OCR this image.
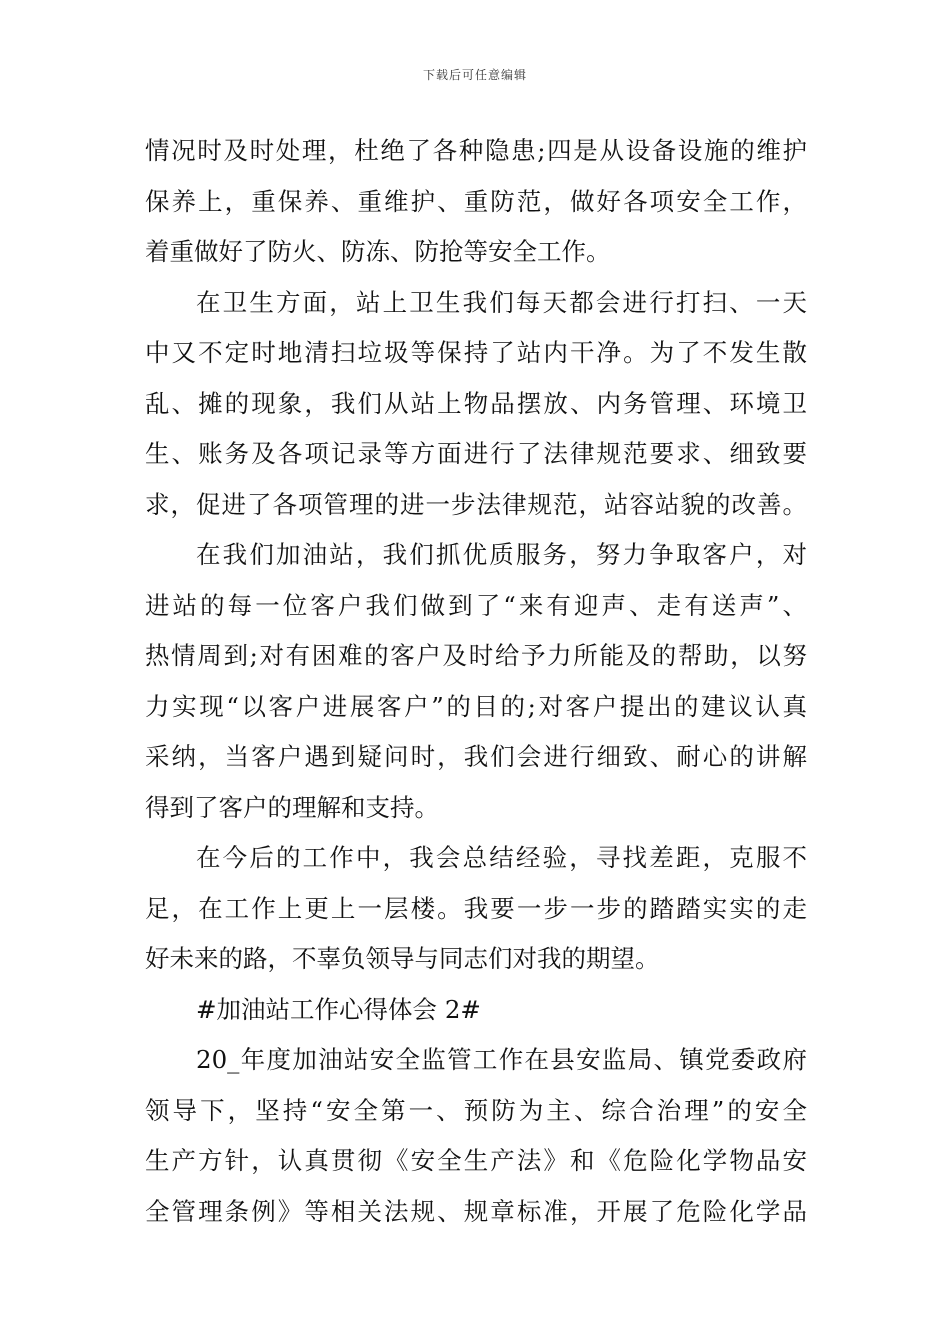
下载后可任意编辑
情况时及时处理，杜绝了各种隐患;四是从设备设施的维护
保养上，重保养、重维护、重防范，做好各项安全工作，
着重做好了防火、防冻、防抢等安全工作。
在卫生方面，站上卫生我们每天都会进行打扫、一天
中又不定时地清扫垃圾等保持了站内干净。为了不发生散
乱、摊的现象，我们从站上物品摆放、内务管理、环境卫
生、账务及各项记录等方面进行了法律规范要求、细致要
求，促进了各项管理的进一步法律规范，站容站貌的改善。
在我们加油站，我们抓优质服务，努力争取客户，对
进站的每一位客户我们做到了“来有迎声、走有送声”、
热情周到;对有困难的客户及时给予力所能及的帮助，以努
力实现“以客户进展客户”的目的;对客户提出的建议认真
采纳，当客户遇到疑问时，我们会进行细致、耐心的讲解
得到了客户的理解和支持。
在今后的工作中，我会总结经验，寻找差距，克服不
足，在工作上更上一层楼。我要一步一步的踏踏实实的走
好未来的路，不辜负领导与同志们对我的期望。
#加油站工作心得体会 2#
20_年度加油站安全监管工作在县安监局、镇党委政府
领导下，坚持“安全第一、预防为主、综合治理”的安全
生产方针，认真贯彻《安全生产法》和《危险化学物品安
全管理条例》等相关法规、规章标准，开展了危险化学品
